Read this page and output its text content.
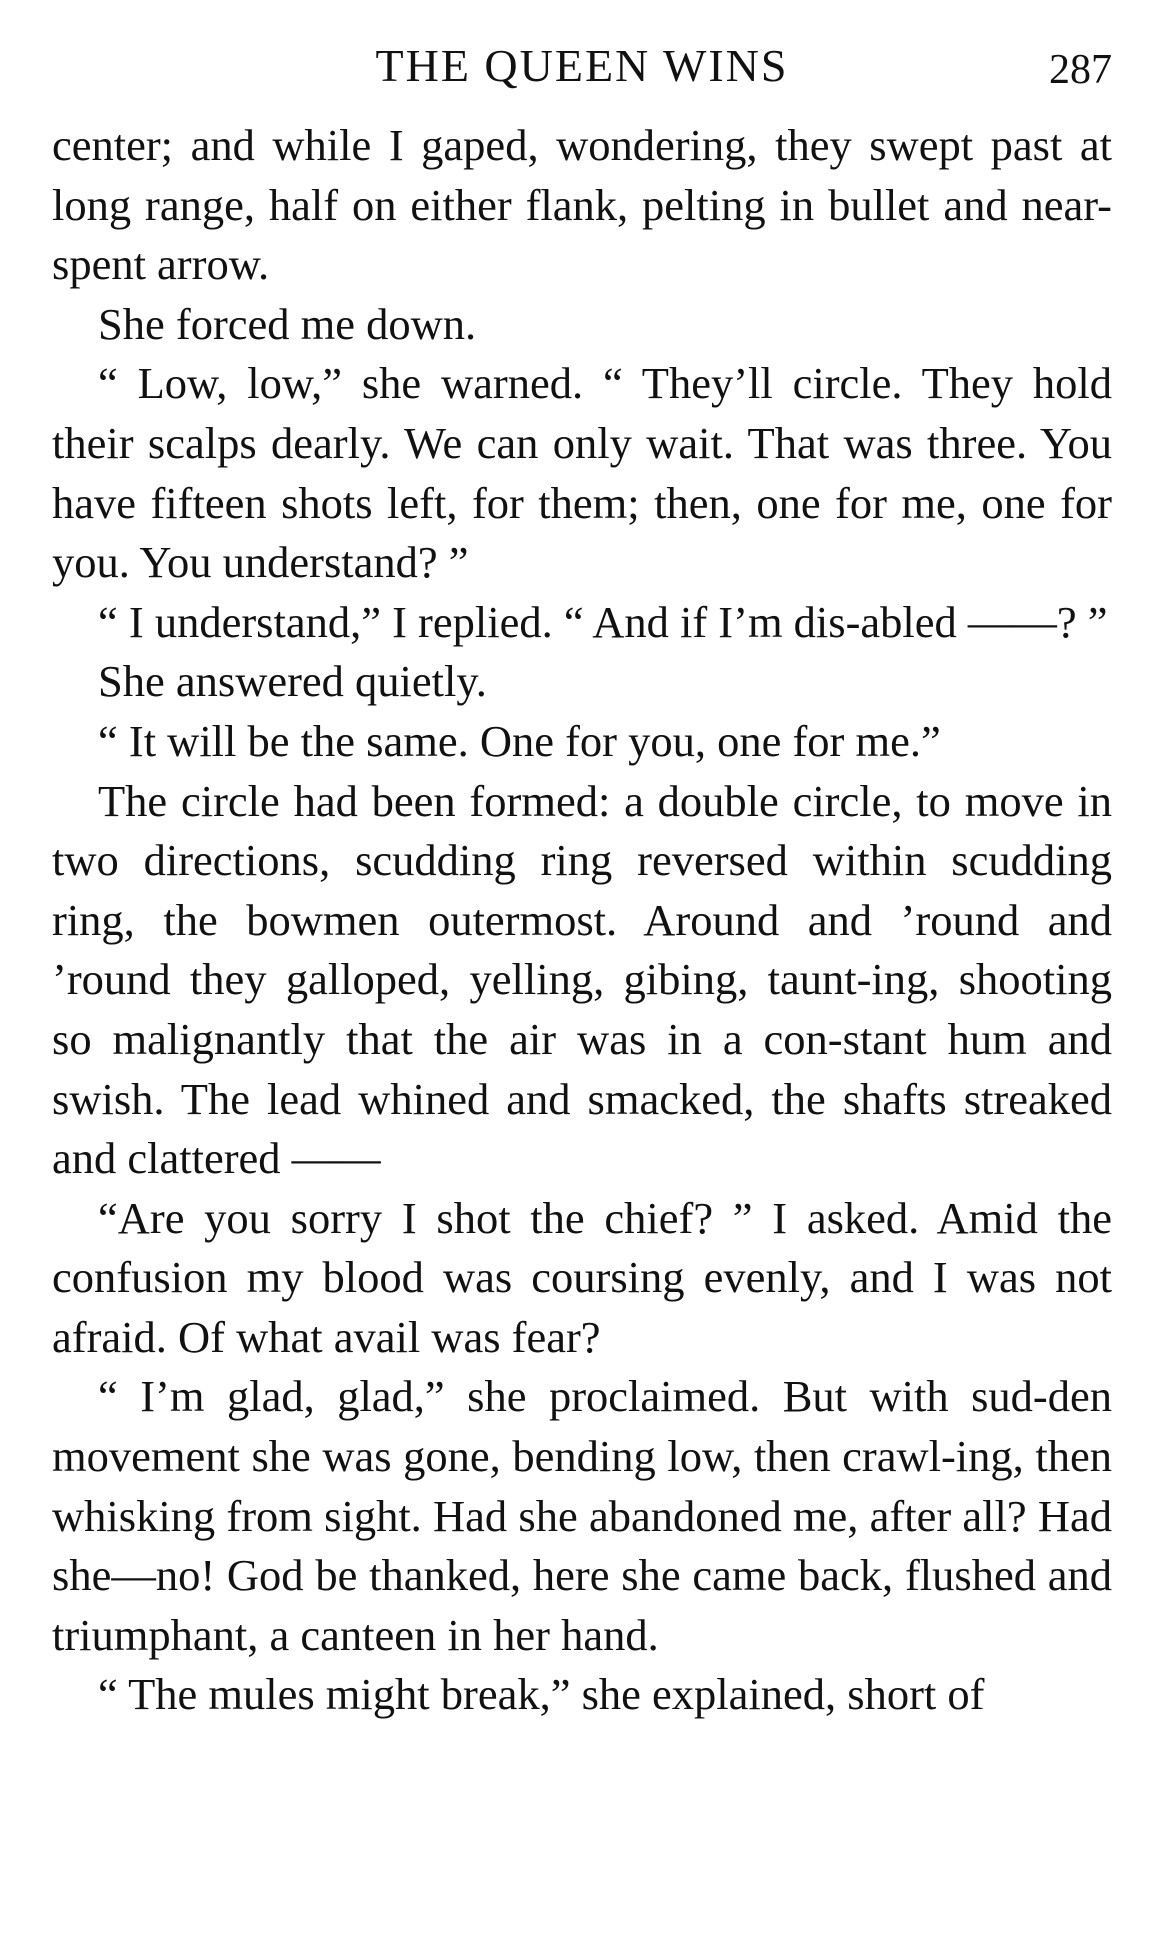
THE QUEEN WINS	287

center; and while I gaped, wondering, they swept past at long range, half on either flank, pelting in bullet and near-spent arrow.

She forced me down.

“ Low, low,” she warned. “ They’ll circle. They hold their scalps dearly. We can only wait. That was three. You have fifteen shots left, for them; then, one for me, one for you. You understand? ”

“ I understand,” I replied. “ And if I’m dis-abled ——? ”

She answered quietly.

“ It will be the same. One for you, one for me.”

The circle had been formed: a double circle, to move in two directions, scudding ring reversed within scudding ring, the bowmen outermost. Around and ’round and ’round they galloped, yelling, gibing, taunt-ing, shooting so malignantly that the air was in a con-stant hum and swish. The lead whined and smacked, the shafts streaked and clattered ——

“Are you sorry I shot the chief? ” I asked. Amid the confusion my blood was coursing evenly, and I was not afraid. Of what avail was fear?

“ I’m glad, glad,” she proclaimed. But with sud-den movement she was gone, bending low, then crawl-ing, then whisking from sight. Had she abandoned me, after all? Had she—no! God be thanked, here she came back, flushed and triumphant, a canteen in her hand.

“ The mules might break,” she explained, short of
